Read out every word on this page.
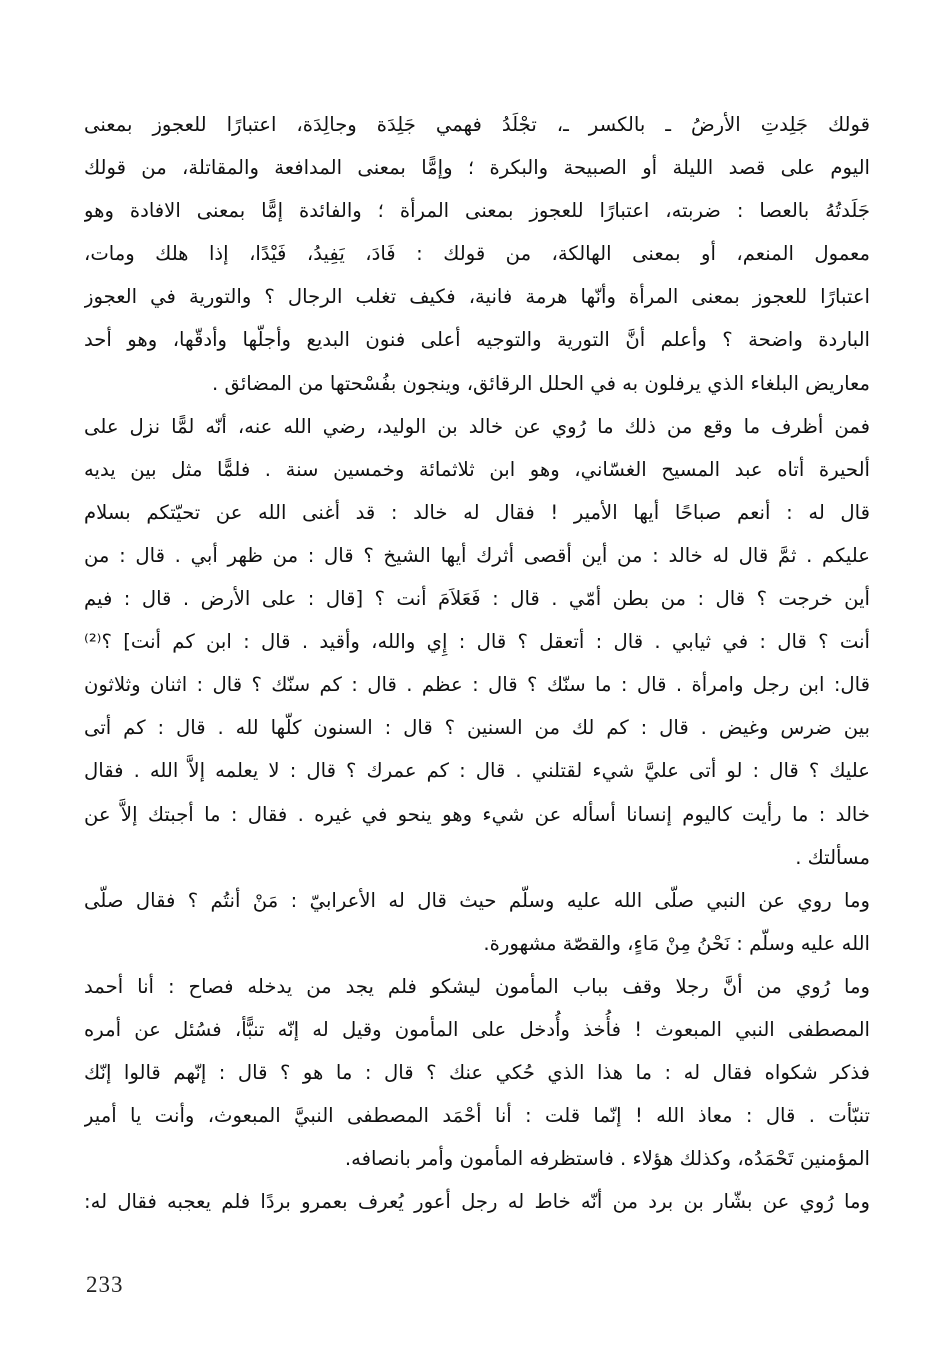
قولك جَلِدتِ الأرضُ ـ بالكسر ـ، تجْلَدُ فهمي جَلِدَة وجالِدَة، اعتبارًا للعجوز بمعنى
اليوم على قصد الليلة أو الصبيحة والبكرة ؛ وإمًّا بمعنى المدافعة والمقاتلة، من قولك
جَلَدتُهُ بالعصا : ضربته، اعتبارًا للعجوز بمعنى المرأة ؛ والفائدة إمًّا بمعنى الافادة وهو
معمول المنعم، أو بمعنى الهالكة، من قولك : فَادَ، يَفِيدُ، فَيْدًا، إذا هلك ومات،
اعتبارًا للعجوز بمعنى المرأة وأنّها هرمة فانية، فكيف تغلب الرجال ؟ والتورية في العجوز
الباردة واضحة ؟ وأعلم أنَّ التورية والتوجيه أعلى فنون البديع وأجلّها وأدقّها، وهو أحد
معاريض البلغاء الذي يرفلون به في الحلل الرقائق، وينجون بفُسْحتها من المضائق .
فمن أظرف ما وقع من ذلك ما رُوي عن خالد بن الوليد، رضي الله عنه، أنّه لمًّا نزل على
ألحيرة أتاه عبد المسيح الغسّاني، وهو ابن ثلاثمائة وخمسين سنة . فلمًّا مثل بين يديه
قال له : أنعم صباحًا أيها الأمير ! فقال له خالد : قد أغنى الله عن تحيّتكم بسلام
عليكم . ثمَّ قال له خالد : من أين أقصى أثرك أيها الشيخ ؟ قال : من ظهر أبي . قال : من
أين خرجت ؟ قال : من بطن أمّي . قال : فَعَلاَمَ أنت ؟ [قال : على الأرض . قال : فيم
أنت ؟ قال : في ثيابي . قال : أتعقل ؟ قال : إِي والله، وأقيد . قال : ابن كم أنت] ؟⁽²⁾
قال: ابن رجل وامرأة . قال : ما سنّك ؟ قال : عظم . قال : كم سنّك ؟ قال : اثنان وثلاثون
بين ضرس وغيض . قال : كم لك من السنين ؟ قال : السنون كلّها لله . قال : كم أتى
عليك ؟ قال : لو أتى عليَّ شيء لقتلني . قال : كم عمرك ؟ قال : لا يعلمه إلاَّ الله . فقال
خالد : ما رأيت كاليوم إنسانا أسأله عن شيء وهو ينحو في غيره . فقال : ما أجبتك إلاَّ عن
مسألتك .
وما روي عن النبي صلّى الله عليه وسلّم حيث قال له الأعرابيّ : مَنْ أنتُم ؟ فقال صلّى
الله عليه وسلّم : نَحْنُ مِنْ مَاءٍ، والقصّة مشهورة.
وما رُوي من أنَّ رجلا وقف بباب المأمون ليشكو فلم يجد من يدخله فصاح : أنا أحمد
المصطفى النبي المبعوث ! فأُخذ وأُدخل على المأمون وقيل له إنّه تنبًّأ، فسُئل عن أمره
فذكر شكواه فقال له : ما هذا الذي حُكي عنك ؟ قال : ما هو ؟ قال : إنّهم قالوا إنّك
تنبّأت . قال : معاذ الله ! إنّما قلت : أنا أحْمَد المصطفى النبيَّ المبعوث، وأنت يا أمير
المؤمنين تَحْمَدُه، وكذلك هؤلاء . فاستظرفه المأمون وأمر بانصافه.
وما رُوي عن بشّار بن برد من أنّه خاط له رجل أعور يُعرف بعمرو بردًا فلم يعجبه فقال له:
233
